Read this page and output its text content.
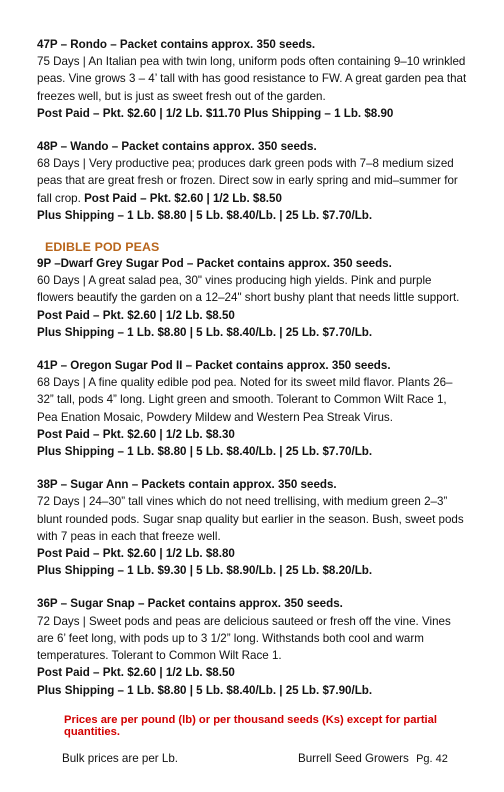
47P – Rondo – Packet contains approx. 350 seeds.

75 Days | An Italian pea with twin long, uniform pods often containing 9–10 wrinkled peas. Vine grows 3 – 4’ tall with has good resistance to FW. A great garden pea that freezes well, but is just as sweet fresh out of the garden.

Post Paid – Pkt. $2.60 | 1/2 Lb. $11.70 Plus Shipping – 1 Lb. $8.90

48P – Wando – Packet contains approx. 350 seeds.

68 Days | Very productive pea; produces dark green pods with 7–8 medium sized peas that are great fresh or frozen. Direct sow in early spring and mid–summer for fall crop. Post Paid – Pkt. $2.60 | 1/2 Lb. $8.50

Plus Shipping – 1 Lb. $8.80 | 5 Lb. $8.40/Lb. | 25 Lb. $7.70/Lb.

EDIBLE POD PEAS

9P –Dwarf Grey Sugar Pod – Packet contains approx. 350 seeds.

60 Days | A great salad pea, 30" vines producing high yields. Pink and purple flowers beautify the garden on a 12–24" short bushy plant that needs little support. Post Paid – Pkt. $2.60 | 1/2 Lb. $8.50

Plus Shipping – 1 Lb. $8.80 | 5 Lb. $8.40/Lb. | 25 Lb. $7.70/Lb.

41P – Oregon Sugar Pod II – Packet contains approx. 350 seeds.

68 Days | A fine quality edible pod pea. Noted for its sweet mild flavor. Plants 26–32” tall, pods 4” long. Light green and smooth. Tolerant to Common Wilt Race 1, Pea Enation Mosaic, Powdery Mildew and Western Pea Streak Virus.

Post Paid – Pkt. $2.60 | 1/2 Lb. $8.30

Plus Shipping – 1 Lb. $8.80 | 5 Lb. $8.40/Lb. | 25 Lb. $7.70/Lb.

38P – Sugar Ann – Packets contain approx. 350 seeds.

72 Days | 24–30” tall vines which do not need trellising, with medium green 2–3” blunt rounded pods. Sugar snap quality but earlier in the season. Bush, sweet pods with 7 peas in each that freeze well.

Post Paid – Pkt. $2.60 | 1/2 Lb. $8.80

Plus Shipping – 1 Lb. $9.30 | 5 Lb. $8.90/Lb. | 25 Lb. $8.20/Lb.

36P – Sugar Snap – Packet contains approx. 350 seeds.

72 Days | Sweet pods and peas are delicious sauteed or fresh off the vine. Vines are 6’ feet long, with pods up to 3 1/2” long. Withstands both cool and warm temperatures. Tolerant to Common Wilt Race 1.

Post Paid – Pkt. $2.60 | 1/2 Lb. $8.50

Plus Shipping – 1 Lb. $8.80 | 5 Lb. $8.40/Lb. | 25 Lb. $7.90/Lb.

Prices are per pound (lb) or per thousand seeds (Ks) except for partial quantities.
Bulk prices are per Lb.	Burrell Seed Growers Pg. 42
